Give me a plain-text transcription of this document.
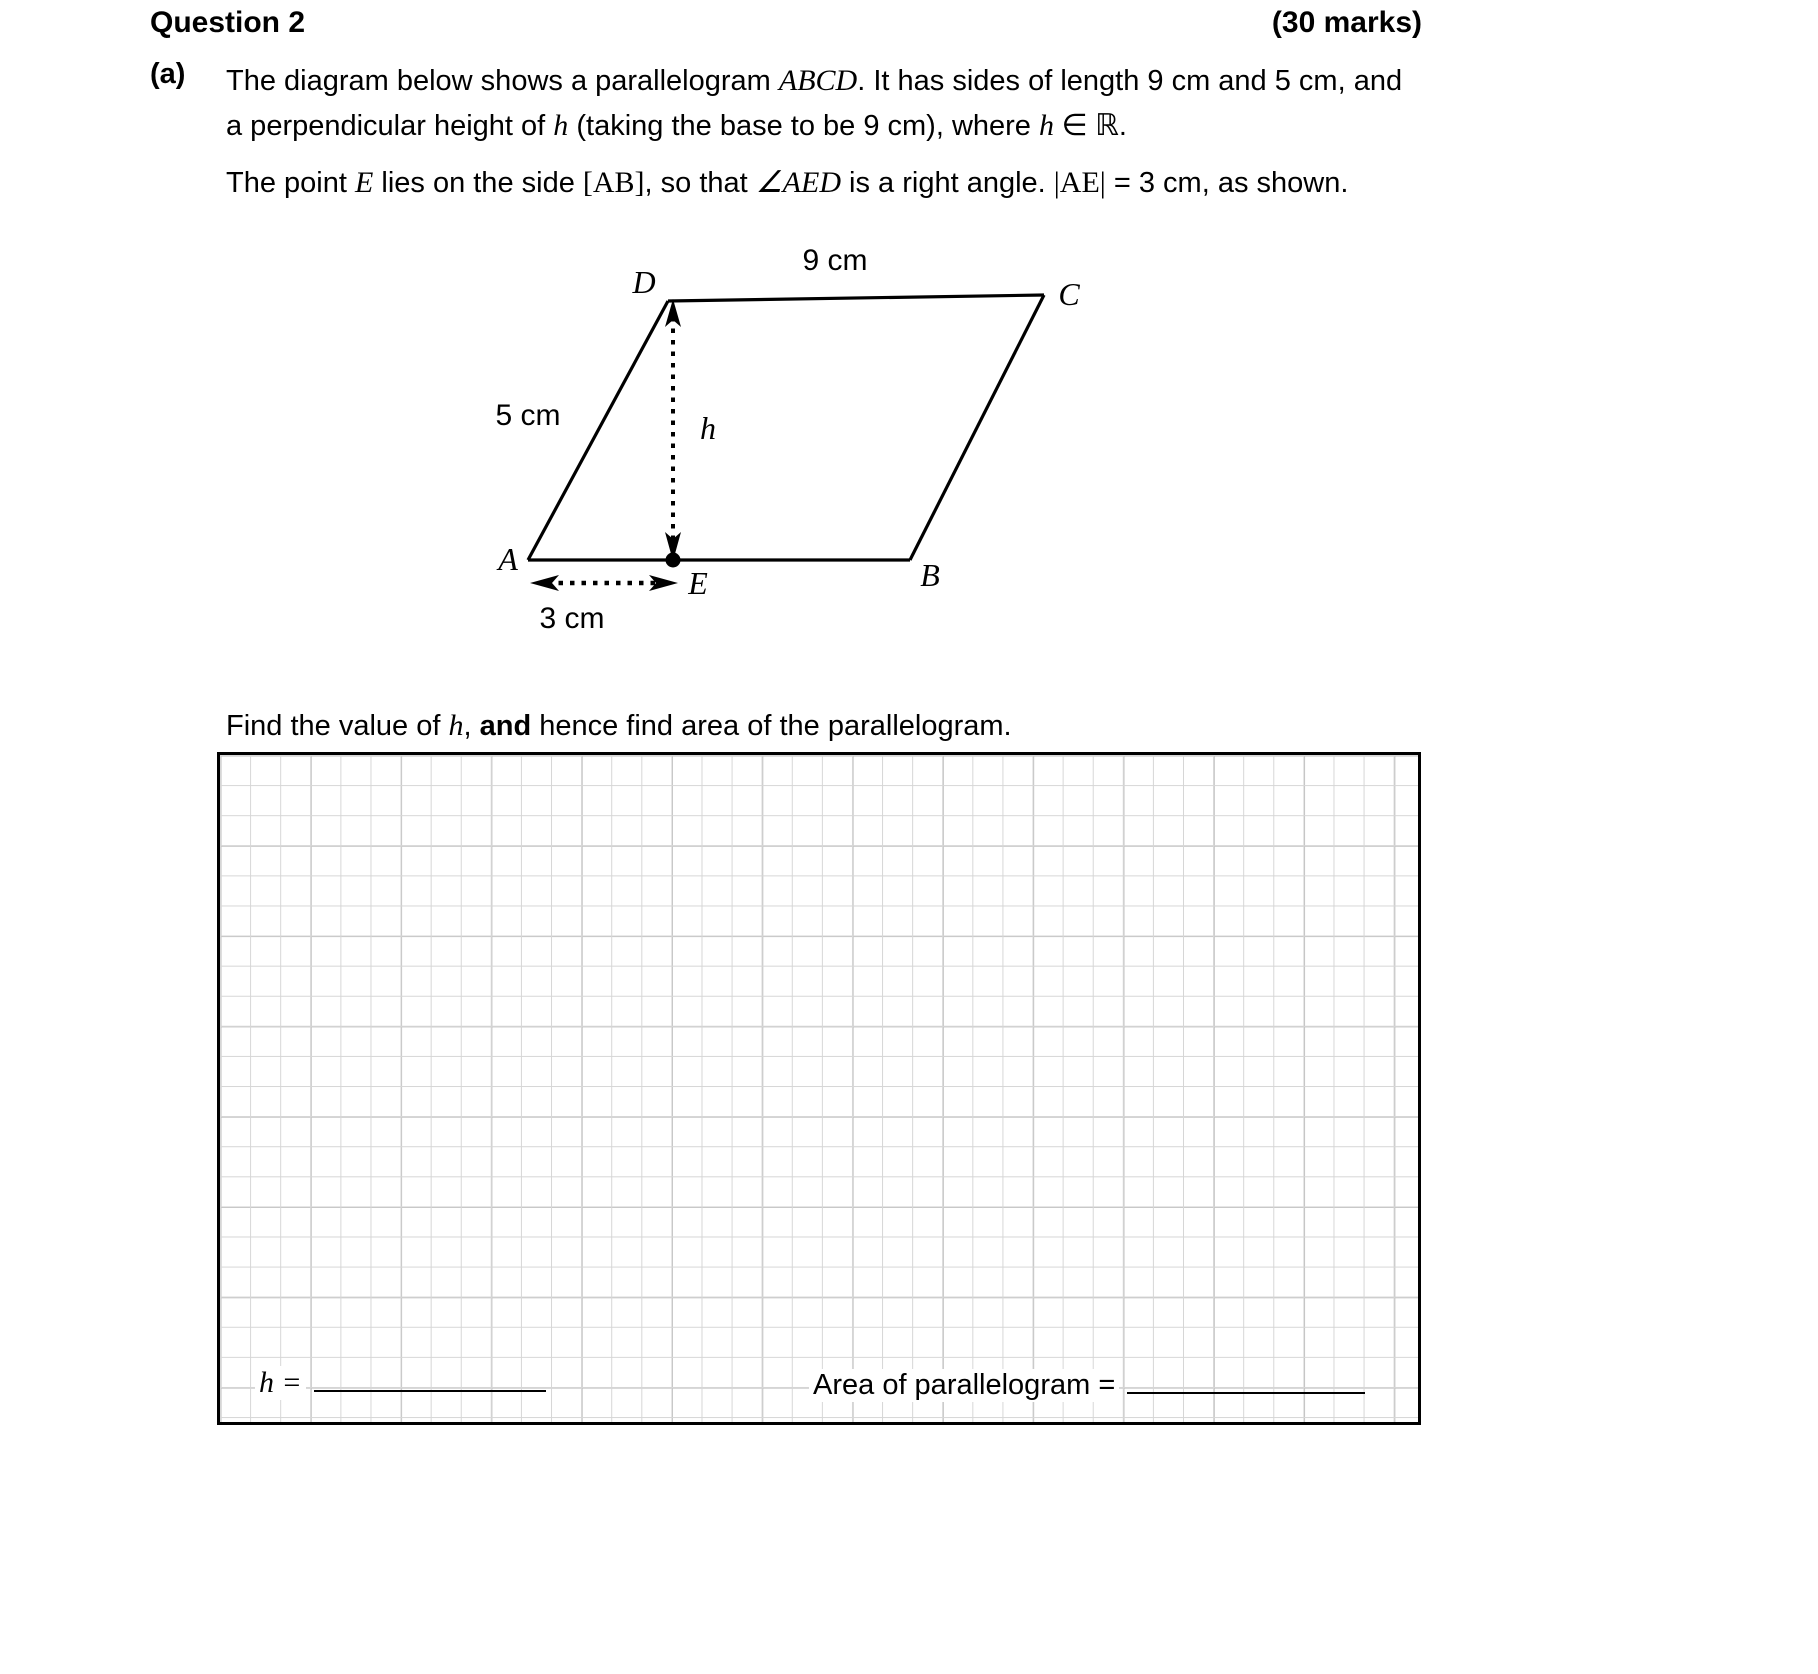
Question 2	(30 marks)
(a) The diagram below shows a parallelogram ABCD. It has sides of length 9 cm and 5 cm, and
a perpendicular height of h (taking the base to be 9 cm), where h ∈ ℝ.
The point E lies on the side [AB], so that ∠AED is a right angle. |AE| = 3 cm, as shown.
D	C
A	B
E
9 cm
5 cm	h
3 cm
Find the value of h, and hence find area of the parallelogram.
h =	Area of parallelogram =
